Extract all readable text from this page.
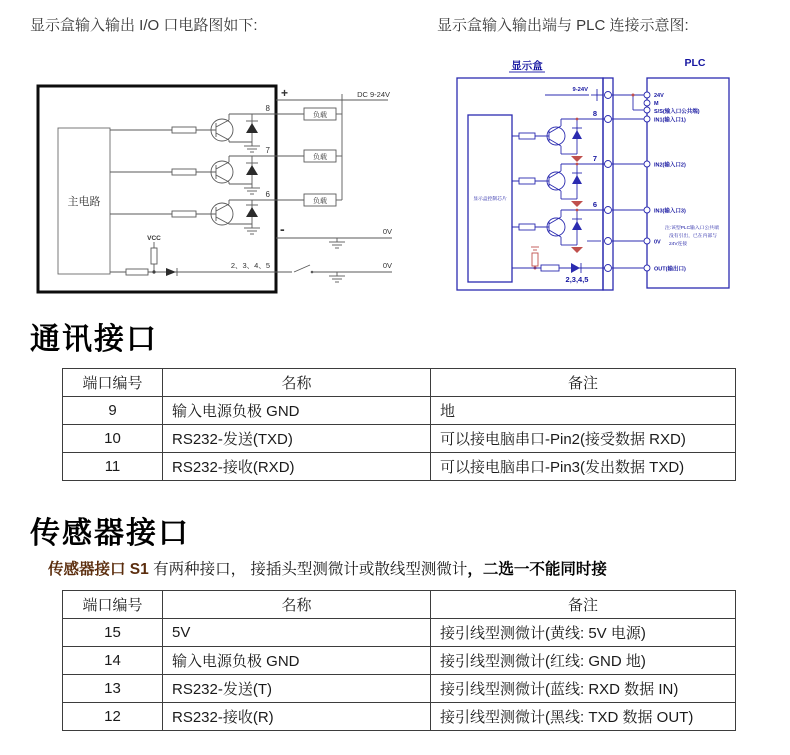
显示盒输入输出 I/O 口电路图如下:	显示盒输入输出端与 PLC 连接示意图:
主电路
+	DC 9-24V
8
负载
7
负载
6
负载
-	0V
VCC
2、3、4、5	0V
显示盒	PLC
显示盒控制芯片
9-24V
8
7
6
2,3,4,5
24V
M
S/S(输入口公共端)
IN1(输入口1)
IN2(输入口2)
IN3(输入口3)
0V
OUT(输出口)
注:该型PLC输入口公共端
没有引出，已在内部与
24V连接
通讯接口
端口编号	名称	备注
9	输入电源负极 GND	地
10	RS232-发送(TXD)	可以接电脑串口-Pin2(接受数据 RXD)
11	RS232-接收(RXD)	可以接电脑串口-Pin3(发出数据 TXD)
传感器接口

传感器接口 S1 有两种接口， 接插头型测微计或散线型测微计，二选一不能同时接

端口编号	名称	备注
15	5V	接引线型测微计(黄线: 5V 电源)
14	输入电源负极 GND	接引线型测微计(红线: GND 地)
13	RS232-发送(T)	接引线型测微计(蓝线: RXD 数据 IN)
12	RS232-接收(R)	接引线型测微计(黑线: TXD 数据 OUT)
